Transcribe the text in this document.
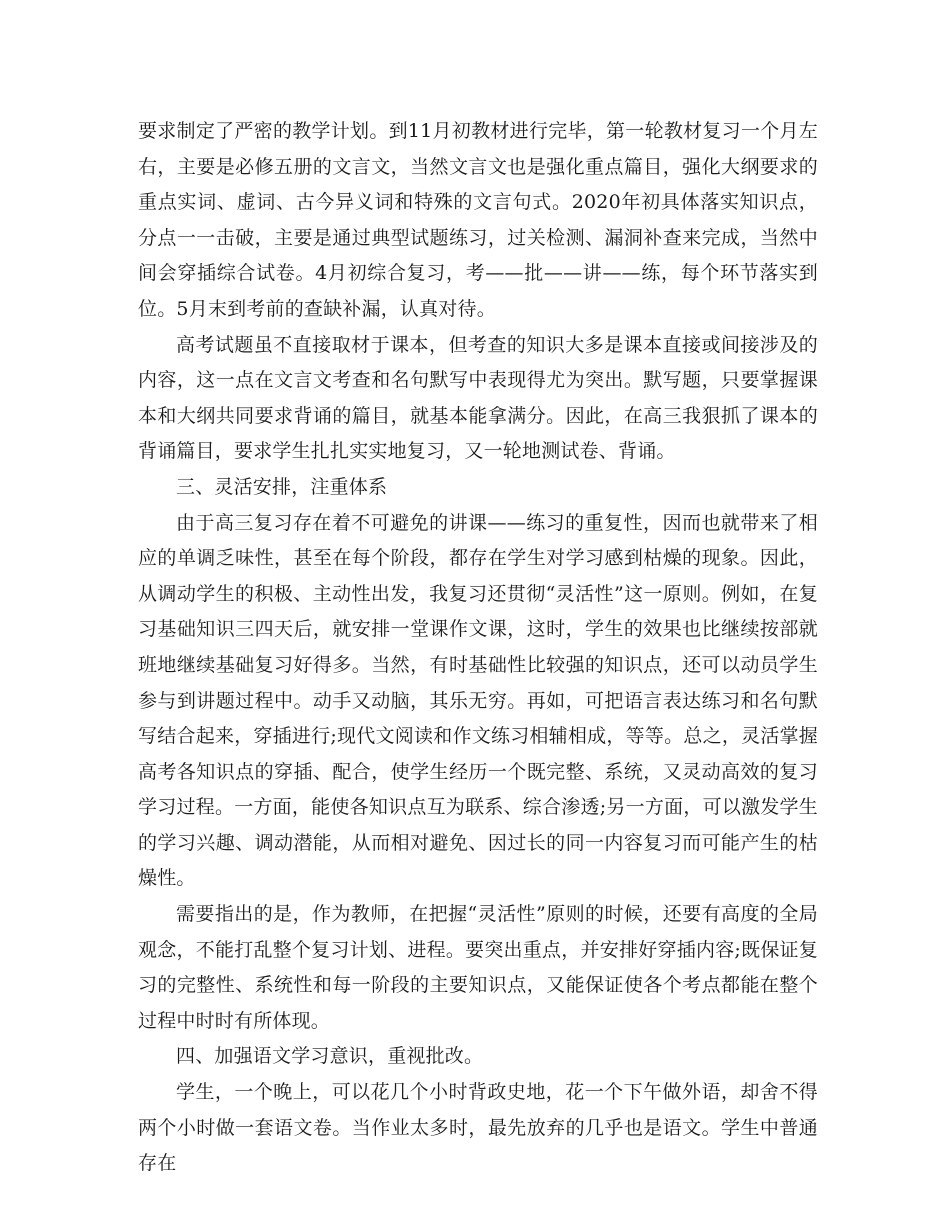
要求制定了严密的教学计划。到11月初教材进行完毕，第一轮教材复习一个月左右，主要是必修五册的文言文，当然文言文也是强化重点篇目，强化大纲要求的重点实词、虚词、古今异义词和特殊的文言句式。2020年初具体落实知识点，分点一一击破，主要是通过典型试题练习，过关检测、漏洞补查来完成，当然中间会穿插综合试卷。4月初综合复习，考——批——讲——练，每个环节落实到位。5月末到考前的查缺补漏，认真对待。

高考试题虽不直接取材于课本，但考查的知识大多是课本直接或间接涉及的内容，这一点在文言文考查和名句默写中表现得尤为突出。默写题，只要掌握课本和大纲共同要求背诵的篇目，就基本能拿满分。因此，在高三我狠抓了课本的背诵篇目，要求学生扎扎实实地复习，又一轮地测试卷、背诵。

三、灵活安排，注重体系

由于高三复习存在着不可避免的讲课——练习的重复性，因而也就带来了相应的单调乏味性，甚至在每个阶段，都存在学生对学习感到枯燥的现象。因此，从调动学生的积极、主动性出发，我复习还贯彻“灵活性”这一原则。例如，在复习基础知识三四天后，就安排一堂课作文课，这时，学生的效果也比继续按部就班地继续基础复习好得多。当然，有时基础性比较强的知识点，还可以动员学生参与到讲题过程中。动手又动脑，其乐无穷。再如，可把语言表达练习和名句默写结合起来，穿插进行;现代文阅读和作文练习相辅相成，等等。总之，灵活掌握高考各知识点的穿插、配合，使学生经历一个既完整、系统，又灵动高效的复习学习过程。一方面，能使各知识点互为联系、综合渗透;另一方面，可以激发学生的学习兴趣、调动潜能，从而相对避免、因过长的同一内容复习而可能产生的枯燥性。

需要指出的是，作为教师，在把握“灵活性”原则的时候，还要有高度的全局观念，不能打乱整个复习计划、进程。要突出重点，并安排好穿插内容;既保证复习的完整性、系统性和每一阶段的主要知识点，又能保证使各个考点都能在整个过程中时时有所体现。

四、加强语文学习意识，重视批改。

学生，一个晚上，可以花几个小时背政史地，花一个下午做外语，却舍不得两个小时做一套语文卷。当作业太多时，最先放弃的几乎也是语文。学生中普通存在
